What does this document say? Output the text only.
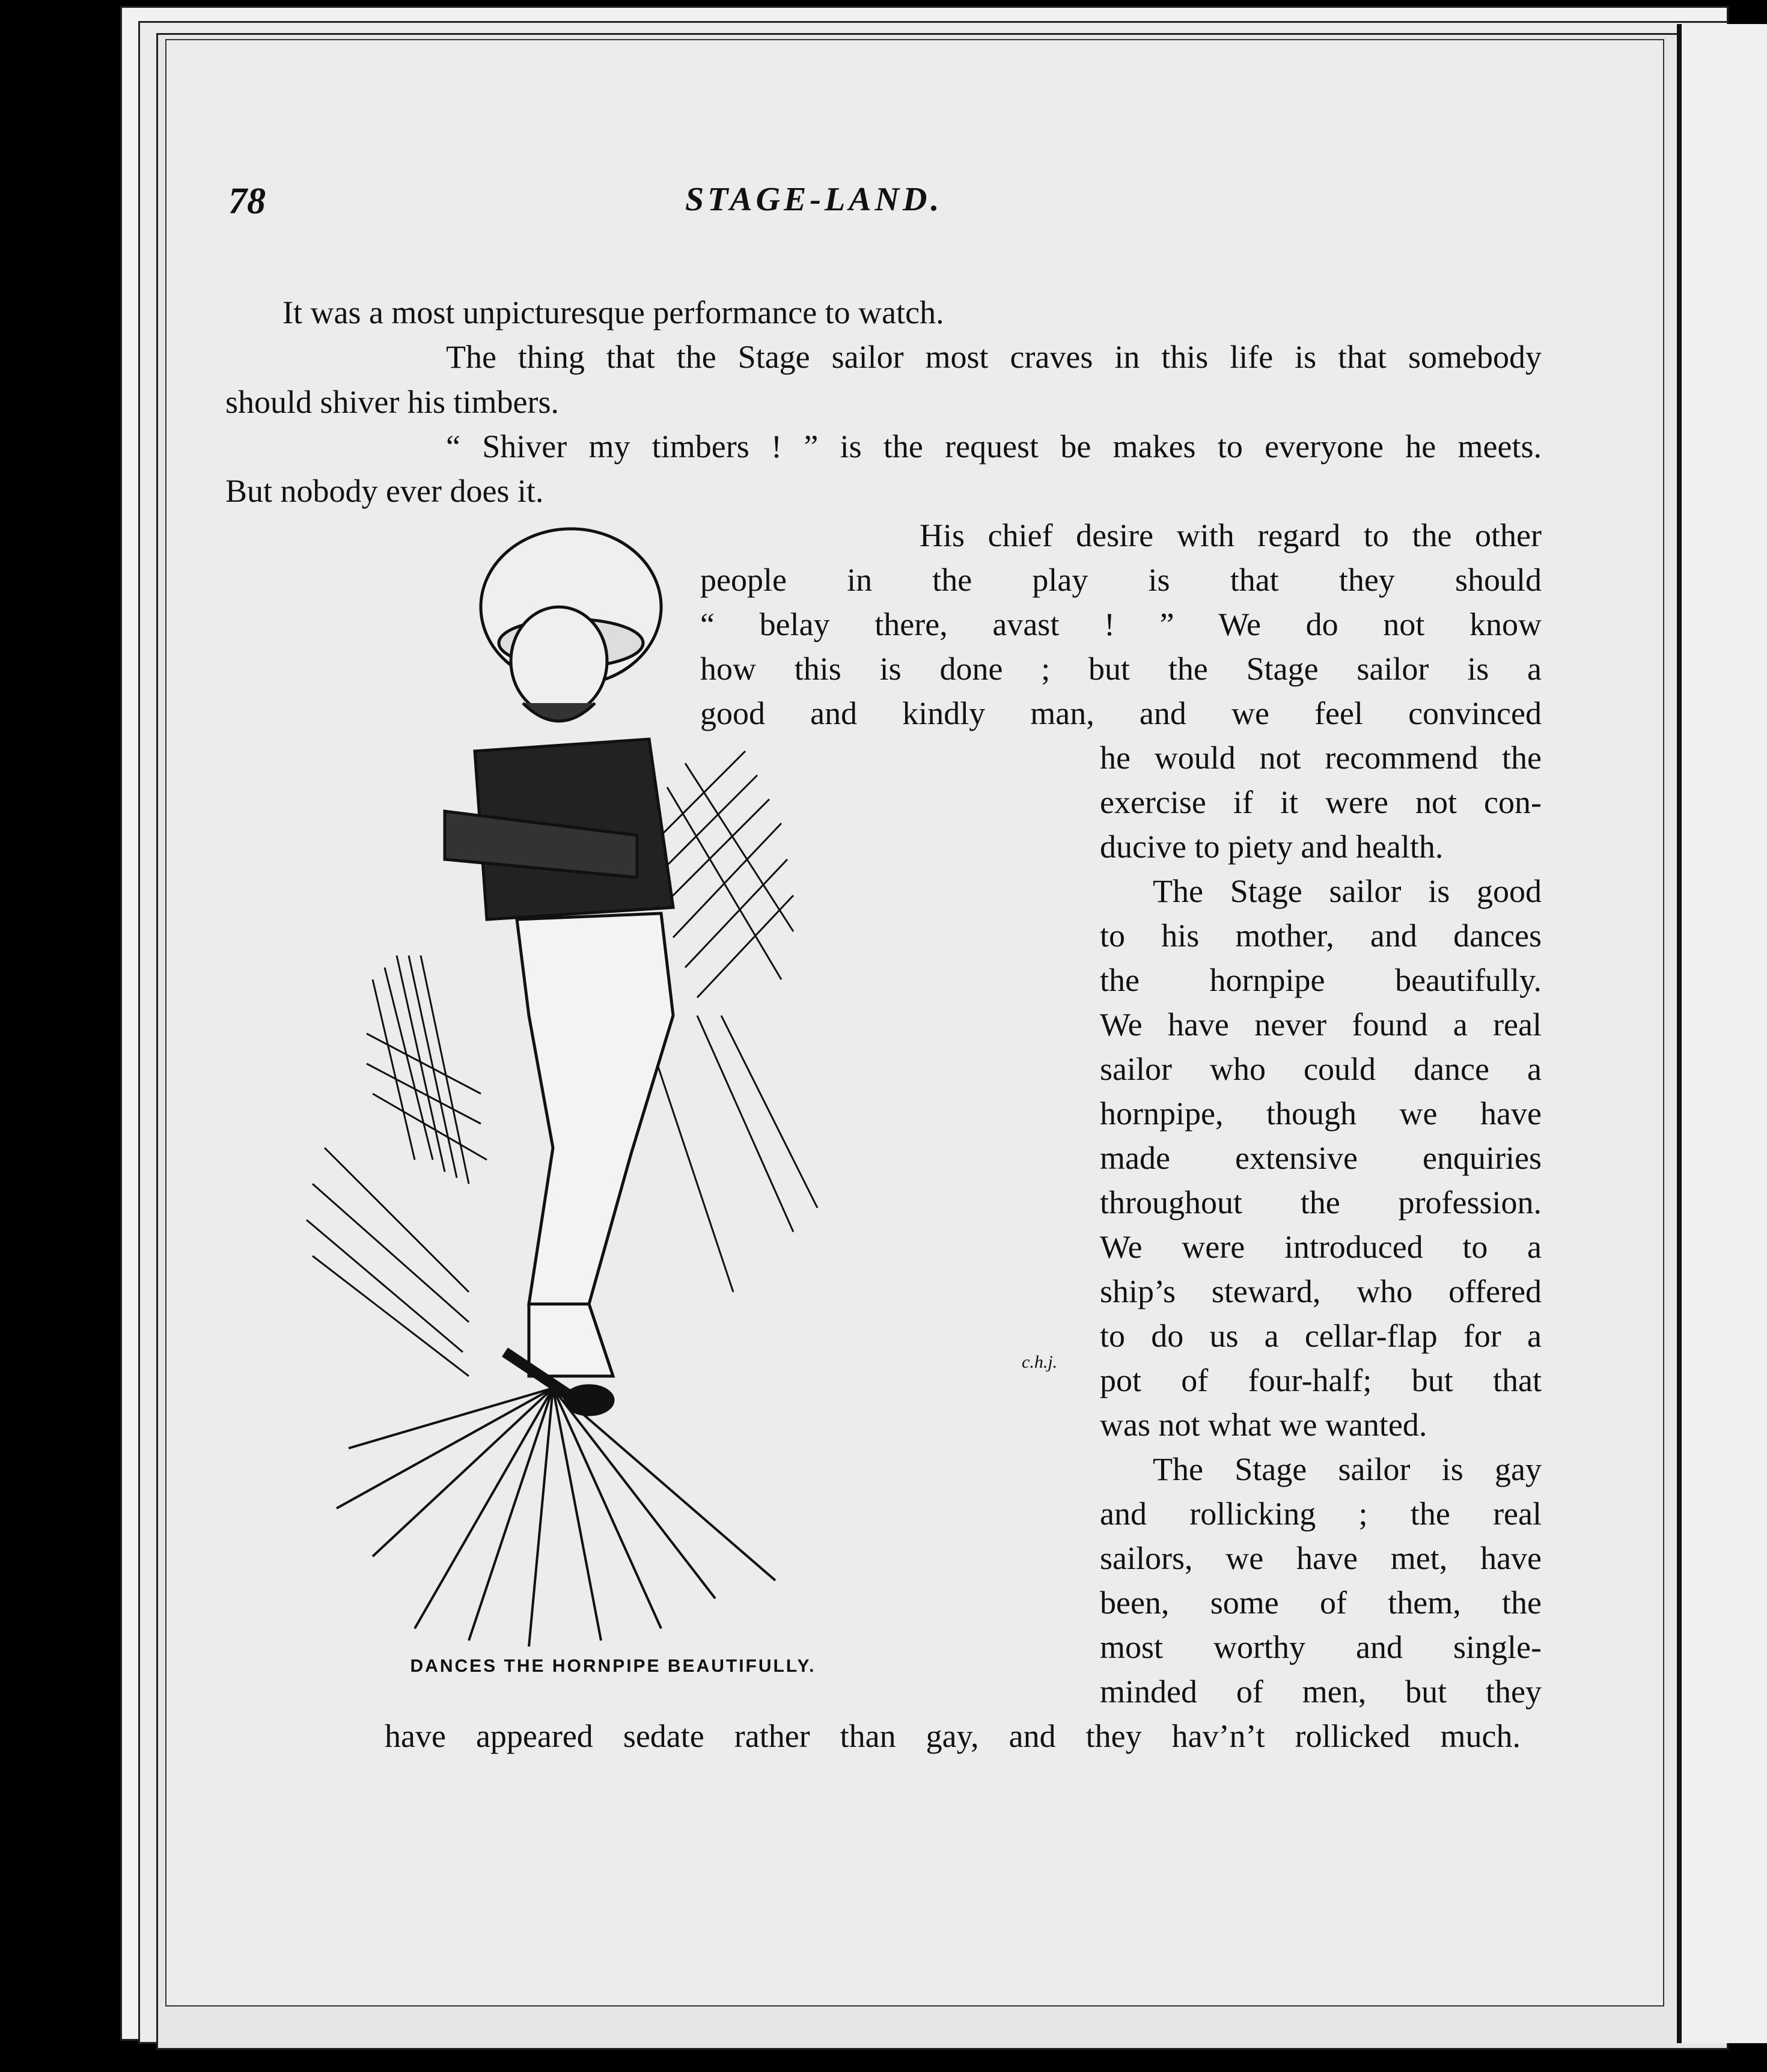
78	STAGE-LAND.
It was a most unpicturesque performance to watch.
The thing that the Stage sailor most craves in this life is that somebody
should shiver his timbers.
“ Shiver my timbers ! ” is the request be makes to everyone he meets.
But nobody ever does it.
His chief desire with regard to the other
people in the play is that they should
“ belay there, avast ! ” We do not know
how this is done ; but the Stage sailor is a
good and kindly man, and we feel convinced
he would not recommend the
exercise if it were not con-
ducive to piety and health.
The Stage sailor is good
to his mother, and dances
the hornpipe beautifully.
We have never found a real
sailor who could dance a
hornpipe, though we have
made extensive enquiries
throughout the profession.
We were introduced to a
ship’s steward, who offered
to do us a cellar-flap for a
pot of four-half; but that
was not what we wanted.
The Stage sailor is gay
and rollicking ; the real
sailors, we have met, have
been, some of them, the
most worthy and single-
minded of men, but they
have appeared sedate rather than gay, and they hav’n’t rollicked much.
c.h.j.
DANCES THE HORNPIPE BEAUTIFULLY.
